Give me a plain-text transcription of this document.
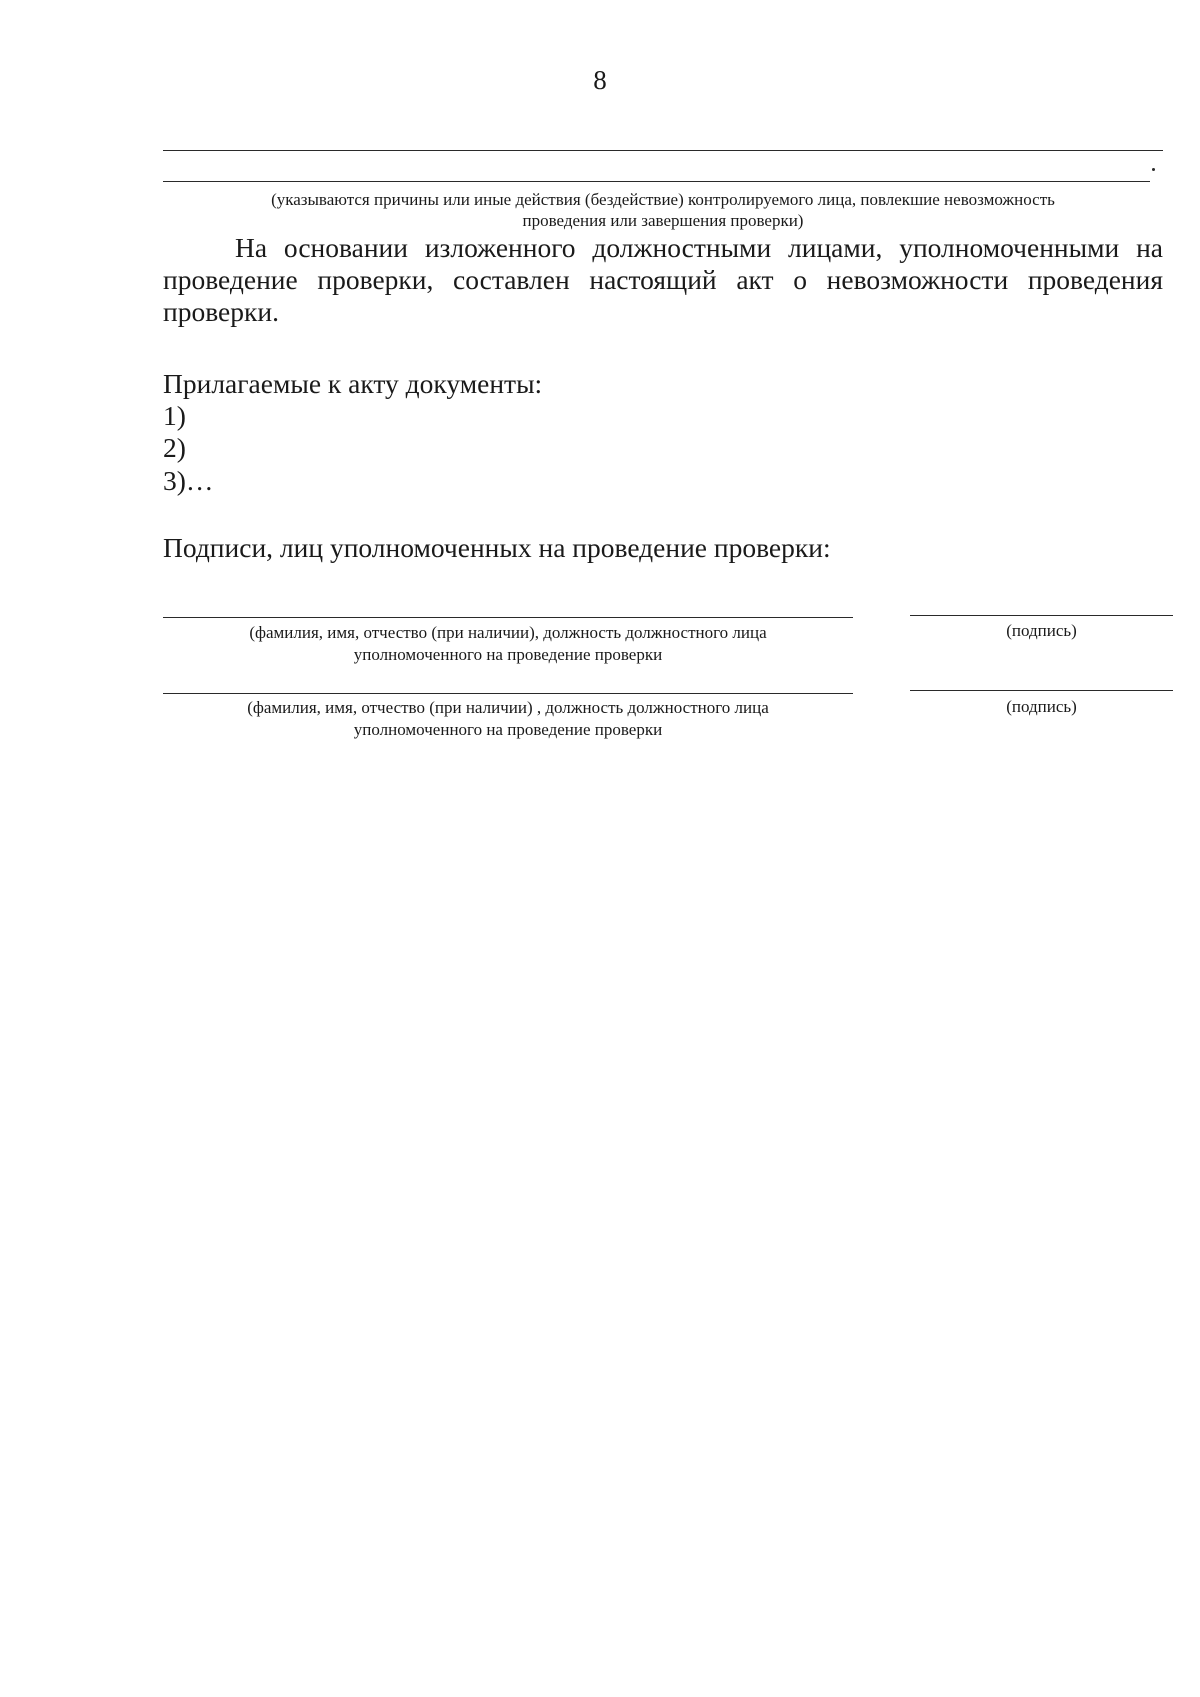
8
(указываются причины или иные действия (бездействие) контролируемого лица, повлекшие невозможность
проведения или завершения проверки)
На основании изложенного должностными лицами, уполномоченными на проведение проверки, составлен настоящий акт о невозможности проведения проверки.
Прилагаемые к акту документы:
1)
2)
3)…
Подписи, лиц уполномоченных на проведение проверки:
(фамилия, имя, отчество (при наличии), должность должностного лица
уполномоченного на проведение проверки
(подпись)
(фамилия, имя, отчество (при наличии) , должность должностного лица
уполномоченного на проведение проверки
(подпись)
